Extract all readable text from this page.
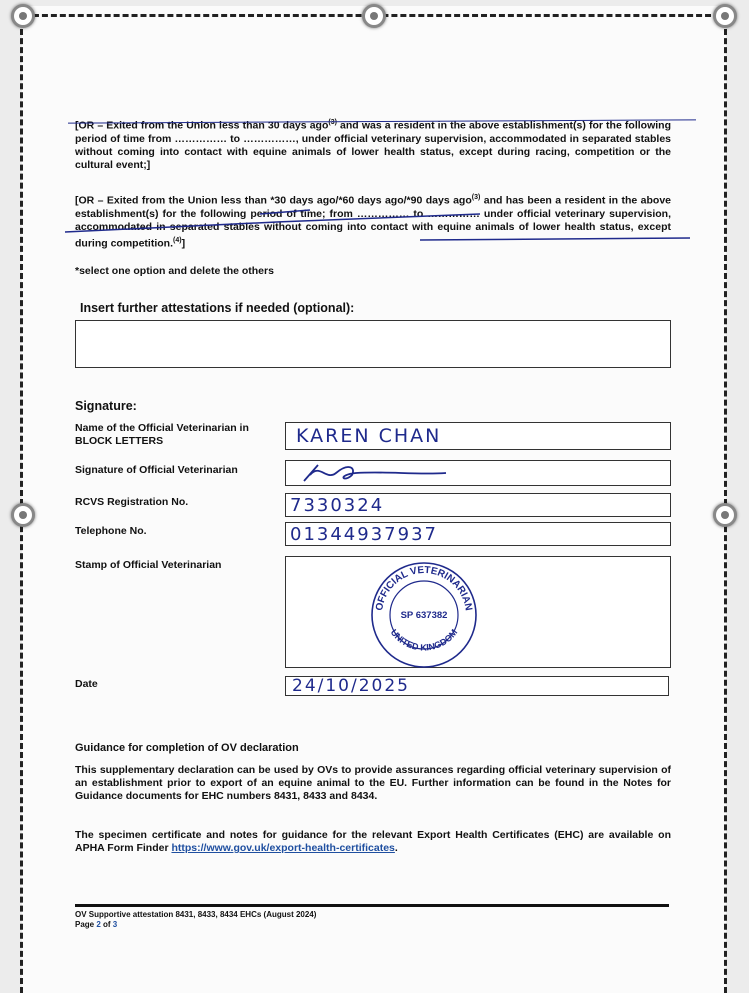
[OR – Exited from the Union less than 30 days ago$^{(3)}$ and was a resident in the above establishment(s) for the following period of time from …………… to ……………, under official veterinary supervision, accommodated in separated stables without coming into contact with equine animals of lower health status, except during racing, competition or the cultural event;]
[OR – Exited from the Union less than *30 days ago/*60 days ago/*90 days ago$^{(3)}$ and has been a resident in the above establishment(s) for the following period of time; from …………… to …………… under official veterinary supervision, accommodated in separated stables without coming into contact with equine animals of lower health status, except during competition.$^{(4)}$]
*select one option and delete the others
Insert further attestations if needed (optional):
Signature:
Name of the Official Veterinarian in BLOCK LETTERS	KAREN CHAN
Signature of Official Veterinarian
RCVS Registration No.	7330324
Telephone No.	01344937937
Stamp of Official Veterinarian
OFFICIAL VETERINARIAN
UNITED KINGDOM
SP 637382
Date	24/10/2025
Guidance for completion of OV declaration
This supplementary declaration can be used by OVs to provide assurances regarding official veterinary supervision of an establishment prior to export of an equine animal to the EU. Further information can be found in the Notes for Guidance documents for EHC numbers 8431, 8433 and 8434.
The specimen certificate and notes for guidance for the relevant Export Health Certificates (EHC) are available on APHA Form Finder https://www.gov.uk/export-health-certificates.
OV Supportive attestation 8431, 8433, 8434 EHCs (August 2024)
Page 2 of 3
